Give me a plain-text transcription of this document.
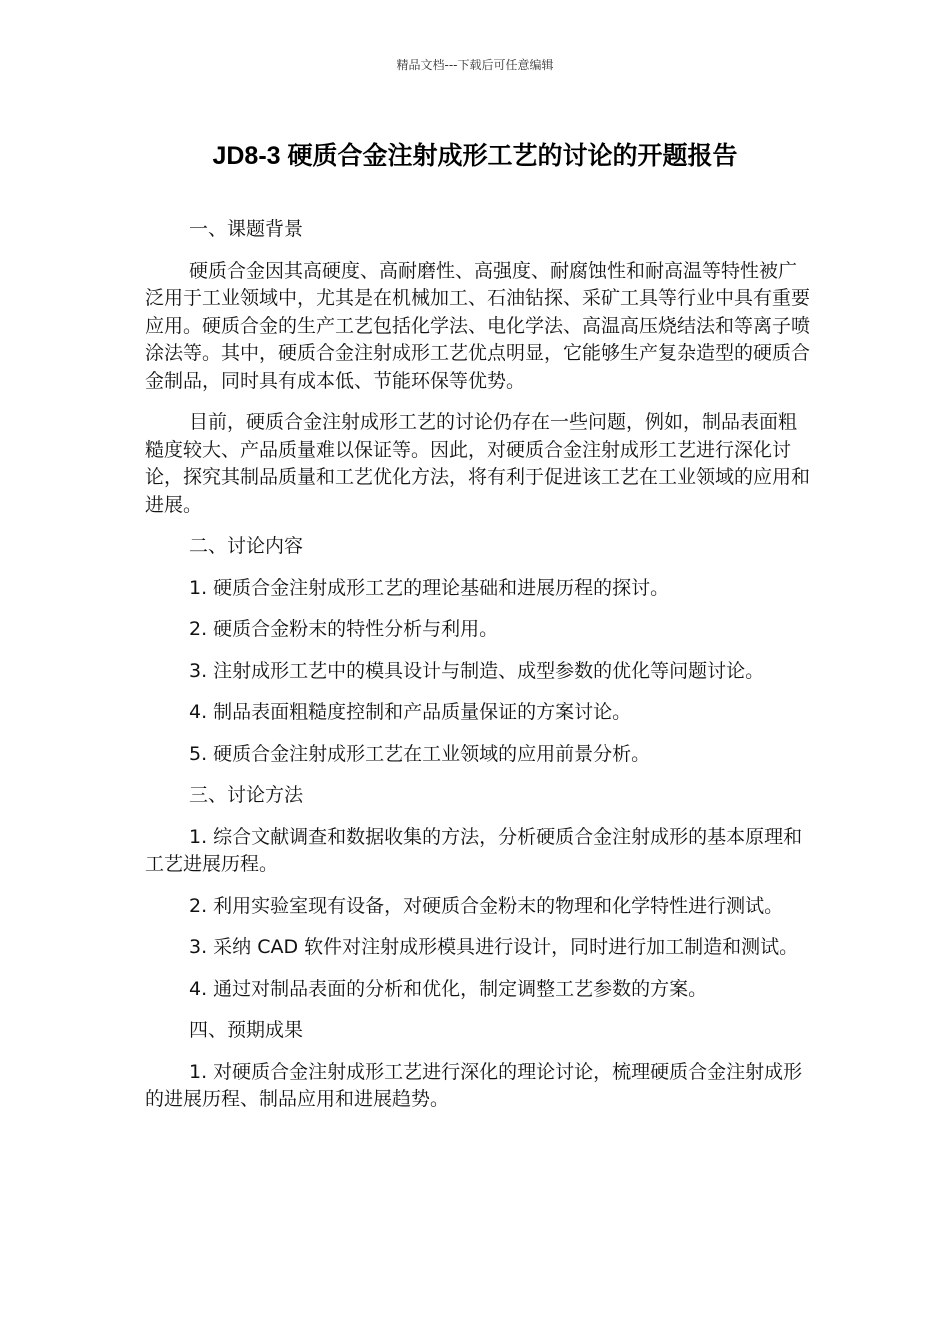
精品文档---下载后可任意编辑
JD8-3 硬质合金注射成形工艺的讨论的开题报告

一、课题背景

硬质合金因其高硬度、高耐磨性、高强度、耐腐蚀性和耐高温等特性被广泛用于工业领域中，尤其是在机械加工、石油钻探、采矿工具等行业中具有重要应用。硬质合金的生产工艺包括化学法、电化学法、高温高压烧结法和等离子喷涂法等。其中，硬质合金注射成形工艺优点明显，它能够生产复杂造型的硬质合金制品，同时具有成本低、节能环保等优势。

目前，硬质合金注射成形工艺的讨论仍存在一些问题，例如，制品表面粗糙度较大、产品质量难以保证等。因此，对硬质合金注射成形工艺进行深化讨论，探究其制品质量和工艺优化方法，将有利于促进该工艺在工业领域的应用和进展。

二、讨论内容

1. 硬质合金注射成形工艺的理论基础和进展历程的探讨。

2. 硬质合金粉末的特性分析与利用。

3. 注射成形工艺中的模具设计与制造、成型参数的优化等问题讨论。

4. 制品表面粗糙度控制和产品质量保证的方案讨论。

5. 硬质合金注射成形工艺在工业领域的应用前景分析。

三、讨论方法

1. 综合文献调查和数据收集的方法，分析硬质合金注射成形的基本原理和工艺进展历程。

2. 利用实验室现有设备，对硬质合金粉末的物理和化学特性进行测试。

3. 采纳 CAD 软件对注射成形模具进行设计，同时进行加工制造和测试。

4. 通过对制品表面的分析和优化，制定调整工艺参数的方案。

四、预期成果

1. 对硬质合金注射成形工艺进行深化的理论讨论，梳理硬质合金注射成形的进展历程、制品应用和进展趋势。
